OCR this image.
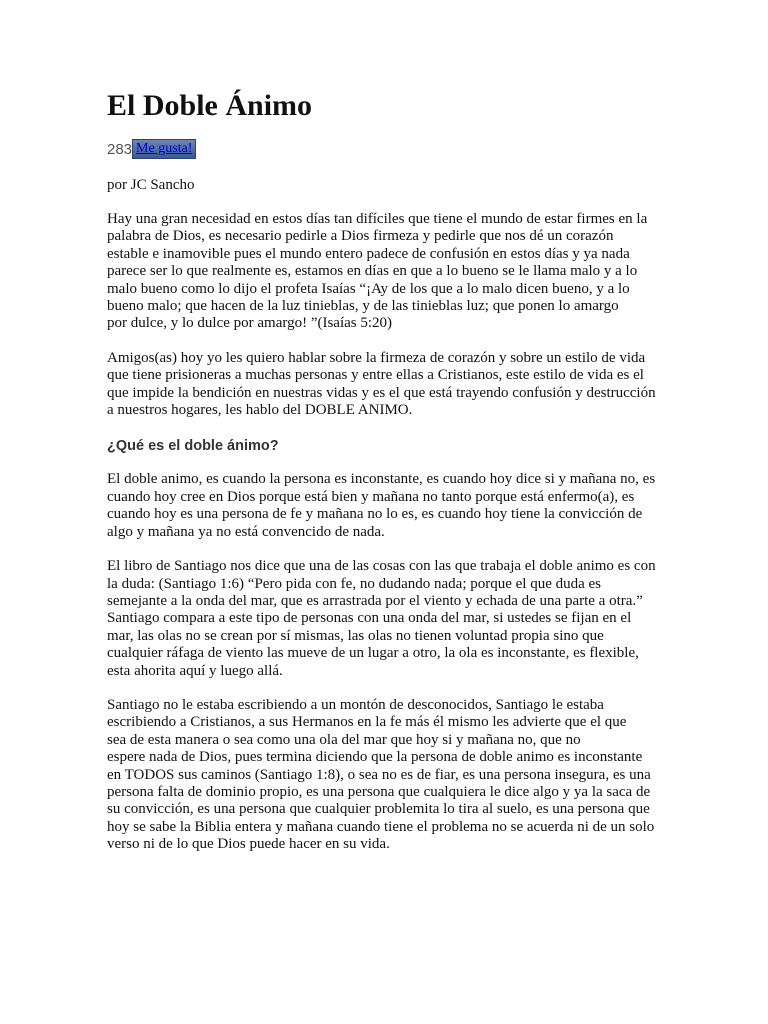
El Doble Ánimo
283 Me gusta!
por JC Sancho

Hay una gran necesidad en estos días tan difíciles que tiene el mundo de estar firmes en la
palabra de Dios, es necesario pedirle a Dios firmeza y pedirle que nos dé un corazón
estable e inamovible pues el mundo entero padece de confusión en estos días y ya nada
parece ser lo que realmente es, estamos en días en que a lo bueno se le llama malo y a lo
malo bueno como lo dijo el profeta Isaías “¡Ay de los que a lo malo dicen bueno, y a lo
bueno malo; que hacen de la luz tinieblas, y de las tinieblas luz; que ponen lo amargo
por dulce, y lo dulce por amargo! ”(Isaías 5:20)

Amigos(as) hoy yo les quiero hablar sobre la firmeza de corazón y sobre un estilo de vida
que tiene prisioneras a muchas personas y entre ellas a Cristianos, este estilo de vida es el
que impide la bendición en nuestras vidas y es el que está trayendo confusión y destrucción
a nuestros hogares, les hablo del DOBLE ANIMO.

¿Qué es el doble ánimo?

El doble animo, es cuando la persona es inconstante, es cuando hoy dice si y mañana no, es
cuando hoy cree en Dios porque está bien y mañana no tanto porque está enfermo(a), es
cuando hoy es una persona de fe y mañana no lo es, es cuando hoy tiene la convicción de
algo y mañana ya no está convencido de nada.

El libro de Santiago nos dice que una de las cosas con las que trabaja el doble animo es con
la duda: (Santiago 1:6) “Pero pida con fe, no dudando nada; porque el que duda es
semejante a la onda del mar, que es arrastrada por el viento y echada de una parte a otra.”
Santiago compara a este tipo de personas con una onda del mar, si ustedes se fijan en el
mar, las olas no se crean por sí mismas, las olas no tienen voluntad propia sino que
cualquier ráfaga de viento las mueve de un lugar a otro, la ola es inconstante, es flexible,
esta ahorita aquí y luego allá.

Santiago no le estaba escribiendo a un montón de desconocidos, Santiago le estaba
escribiendo a Cristianos, a sus Hermanos en la fe más él mismo les advierte que el que
sea de esta manera o sea como una ola del mar que hoy si y mañana no, que no
espere nada de Dios, pues termina diciendo que la persona de doble animo es inconstante
en TODOS sus caminos (Santiago 1:8), o sea no es de fiar, es una persona insegura, es una
persona falta de dominio propio, es una persona que cualquiera le dice algo y ya la saca de
su convicción, es una persona que cualquier problemita lo tira al suelo, es una persona que
hoy se sabe la Biblia entera y mañana cuando tiene el problema no se acuerda ni de un solo
verso ni de lo que Dios puede hacer en su vida.
